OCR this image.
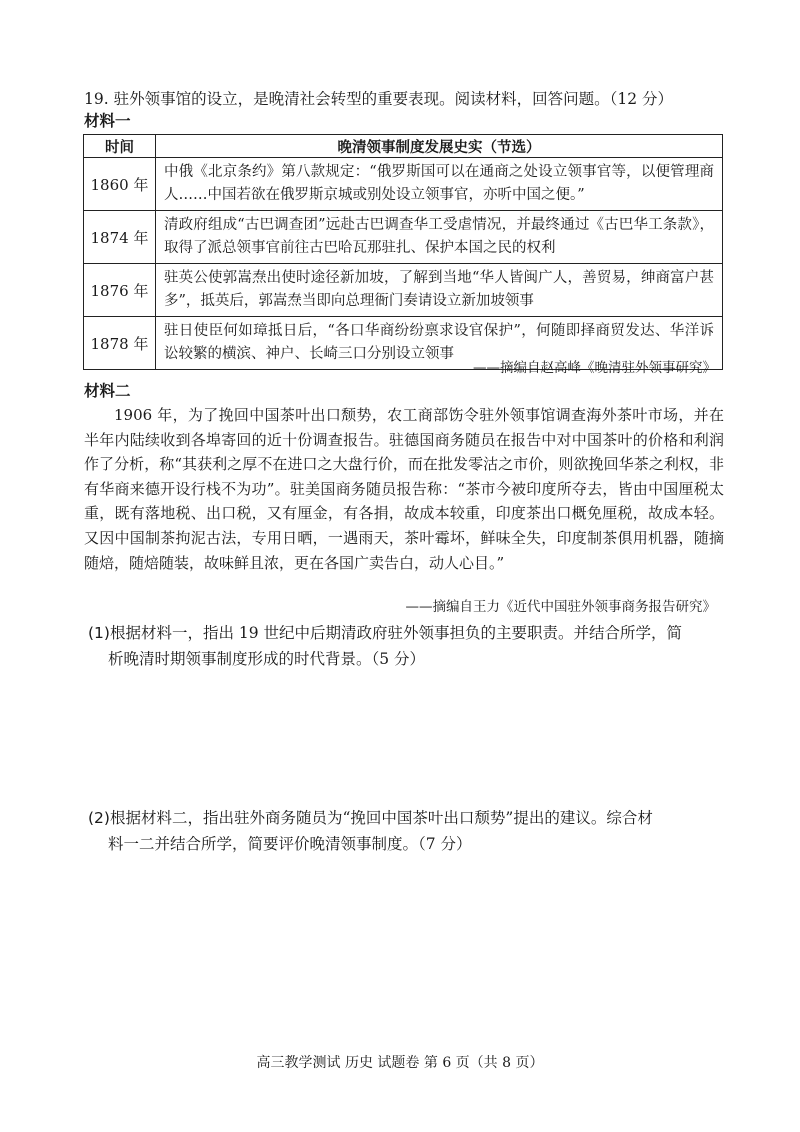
19. 驻外领事馆的设立，是晚清社会转型的重要表现。阅读材料，回答问题。（12 分）
材料一
时间	晚清领事制度发展史实（节选）
1860 年	中俄《北京条约》第八款规定：“俄罗斯国可以在通商之处设立领事官等，以便管理商人……中国若欲在俄罗斯京城或别处设立领事官，亦听中国之便。”
1874 年	清政府组成“古巴调查团”远赴古巴调查华工受虐情况，并最终通过《古巴华工条款》，取得了派总领事官前往古巴哈瓦那驻扎、保护本国之民的权利
1876 年	驻英公使郭嵩焘出使时途径新加坡，了解到当地“华人皆闽广人，善贸易，绅商富户甚多”，抵英后，郭嵩焘当即向总理衙门奏请设立新加坡领事
1878 年	驻日使臣何如璋抵日后，“各口华商纷纷禀求设官保护”，何随即择商贸发达、华洋诉讼较繁的横滨、神户、长崎三口分别设立领事
——摘编自赵高峰《晚清驻外领事研究》
材料二
1906 年，为了挽回中国茶叶出口颓势，农工商部饬令驻外领事馆调查海外茶叶市场，并在半年内陆续收到各埠寄回的近十份调查报告。驻德国商务随员在报告中对中国茶叶的价格和利润作了分析，称“其获利之厚不在进口之大盘行价，而在批发零沽之市价，则欲挽回华茶之利权，非有华商来德开设行栈不为功”。驻美国商务随员报告称：“茶市今被印度所夺去，皆由中国厘税太重，既有落地税、出口税，又有厘金，有各捐，故成本较重，印度茶出口概免厘税，故成本轻。又因中国制茶拘泥古法，专用日晒，一遇雨天，茶叶霉坏，鲜味全失，印度制茶俱用机器，随摘随焙，随焙随装，故味鲜且浓，更在各国广卖告白，动人心目。”
——摘编自王力《近代中国驻外领事商务报告研究》
(1)根据材料一，指出 19 世纪中后期清政府驻外领事担负的主要职责。并结合所学，简
析晚清时期领事制度形成的时代背景。（5 分）
(2)根据材料二，指出驻外商务随员为“挽回中国茶叶出口颓势”提出的建议。综合材
料一二并结合所学，简要评价晚清领事制度。（7 分）
高三教学测试 历史 试题卷 第 6 页（共 8 页）
